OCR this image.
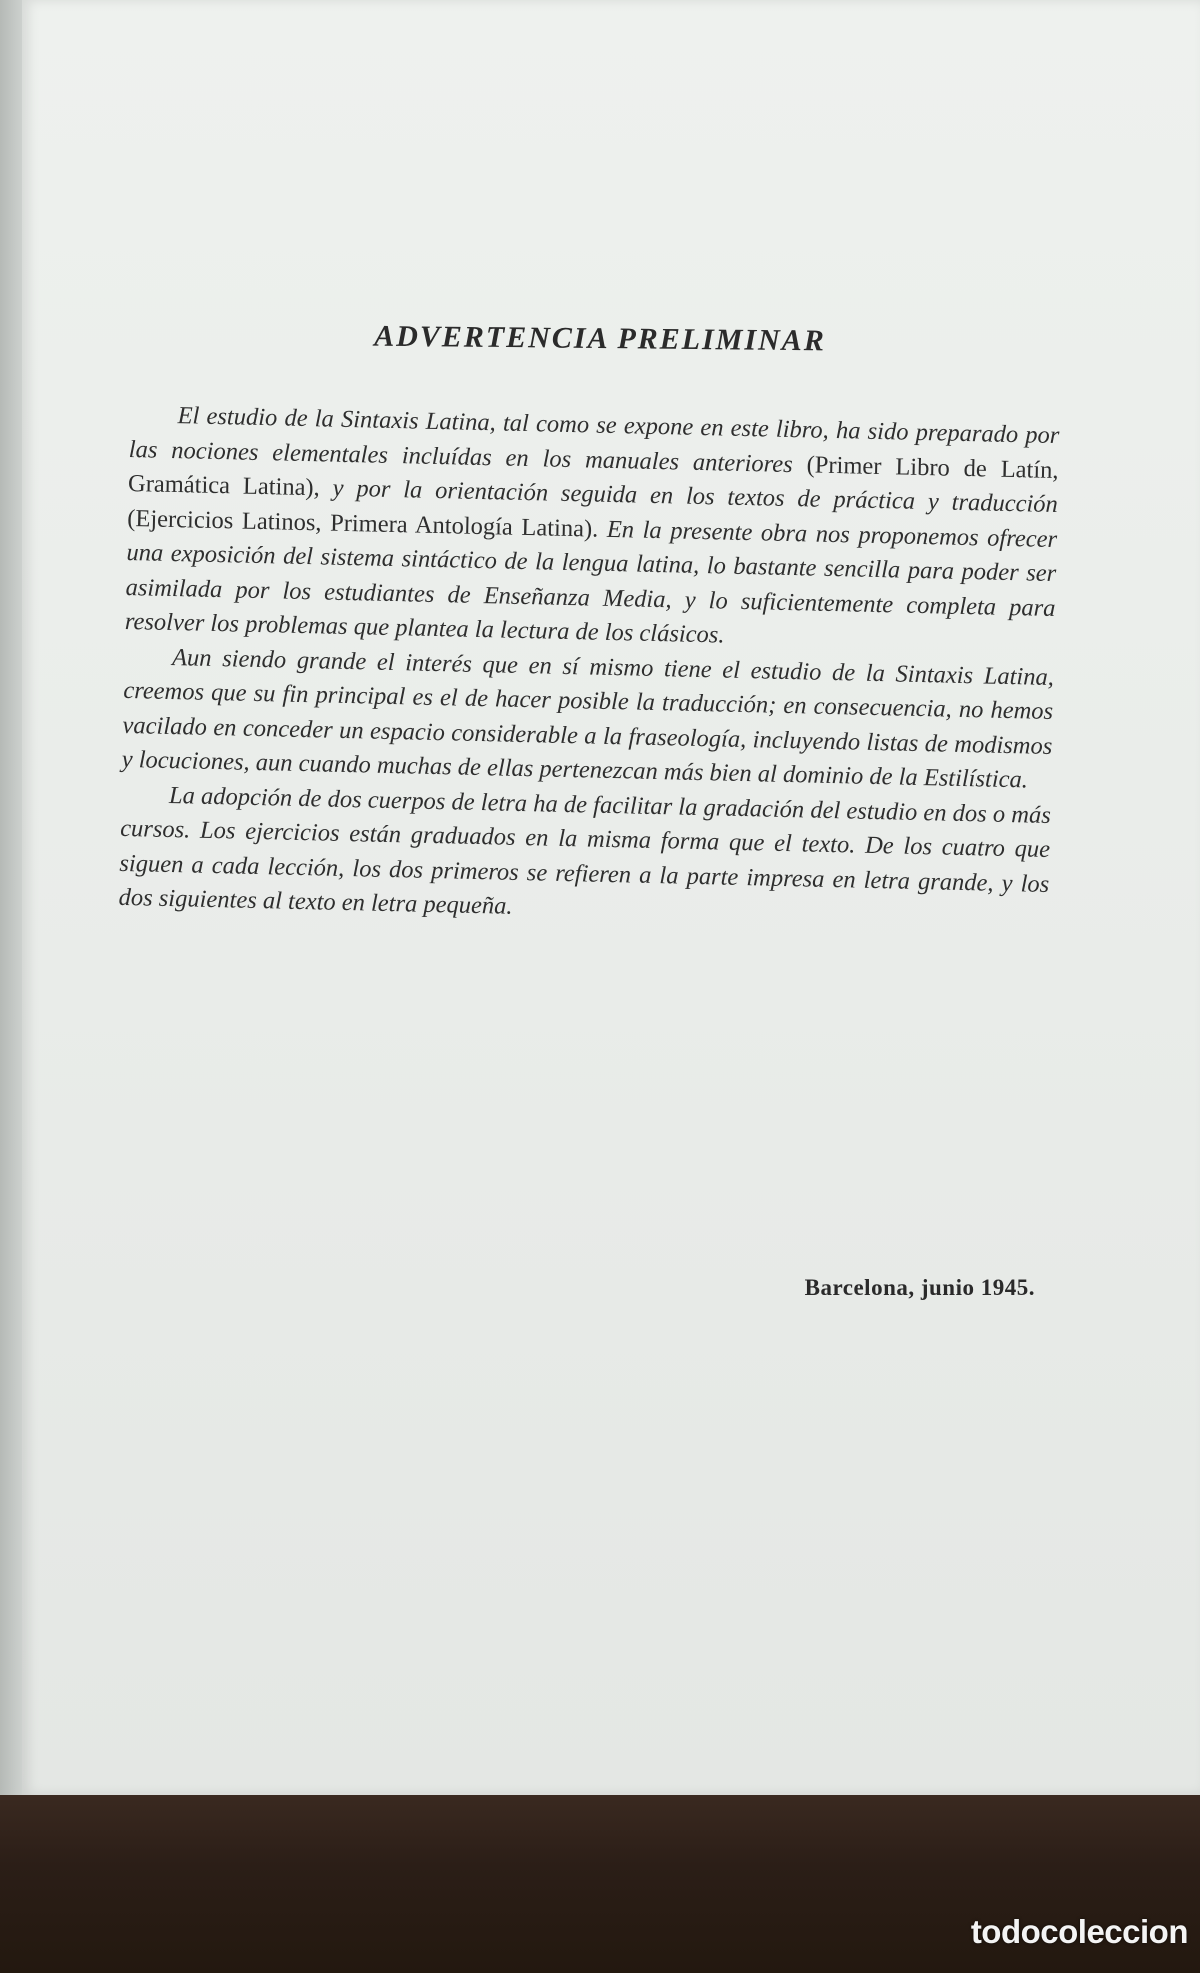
ADVERTENCIA PRELIMINAR

El estudio de la Sintaxis Latina, tal como se expone en este libro, ha sido preparado por las nociones elementales incluídas en los manuales anteriores (Primer Libro de Latín, Gramática Latina), y por la orientación seguida en los textos de práctica y traducción (Ejercicios Latinos, Primera Antología Latina). En la presente obra nos proponemos ofrecer una exposición del sistema sintáctico de la lengua latina, lo bastante sencilla para poder ser asimilada por los estudiantes de Enseñanza Media, y lo suficientemente completa para resolver los problemas que plantea la lectura de los clásicos.

Aun siendo grande el interés que en sí mismo tiene el estudio de la Sintaxis Latina, creemos que su fin principal es el de hacer posible la traducción; en consecuencia, no hemos vacilado en conceder un espacio considerable a la fraseología, incluyendo listas de modismos y locuciones, aun cuando muchas de ellas pertenezcan más bien al dominio de la Estilística.

La adopción de dos cuerpos de letra ha de facilitar la gradación del estudio en dos o más cursos. Los ejercicios están graduados en la misma forma que el texto. De los cuatro que siguen a cada lección, los dos primeros se refieren a la parte impresa en letra grande, y los dos siguientes al texto en letra pequeña.

Barcelona, junio 1945.
todocoleccion
